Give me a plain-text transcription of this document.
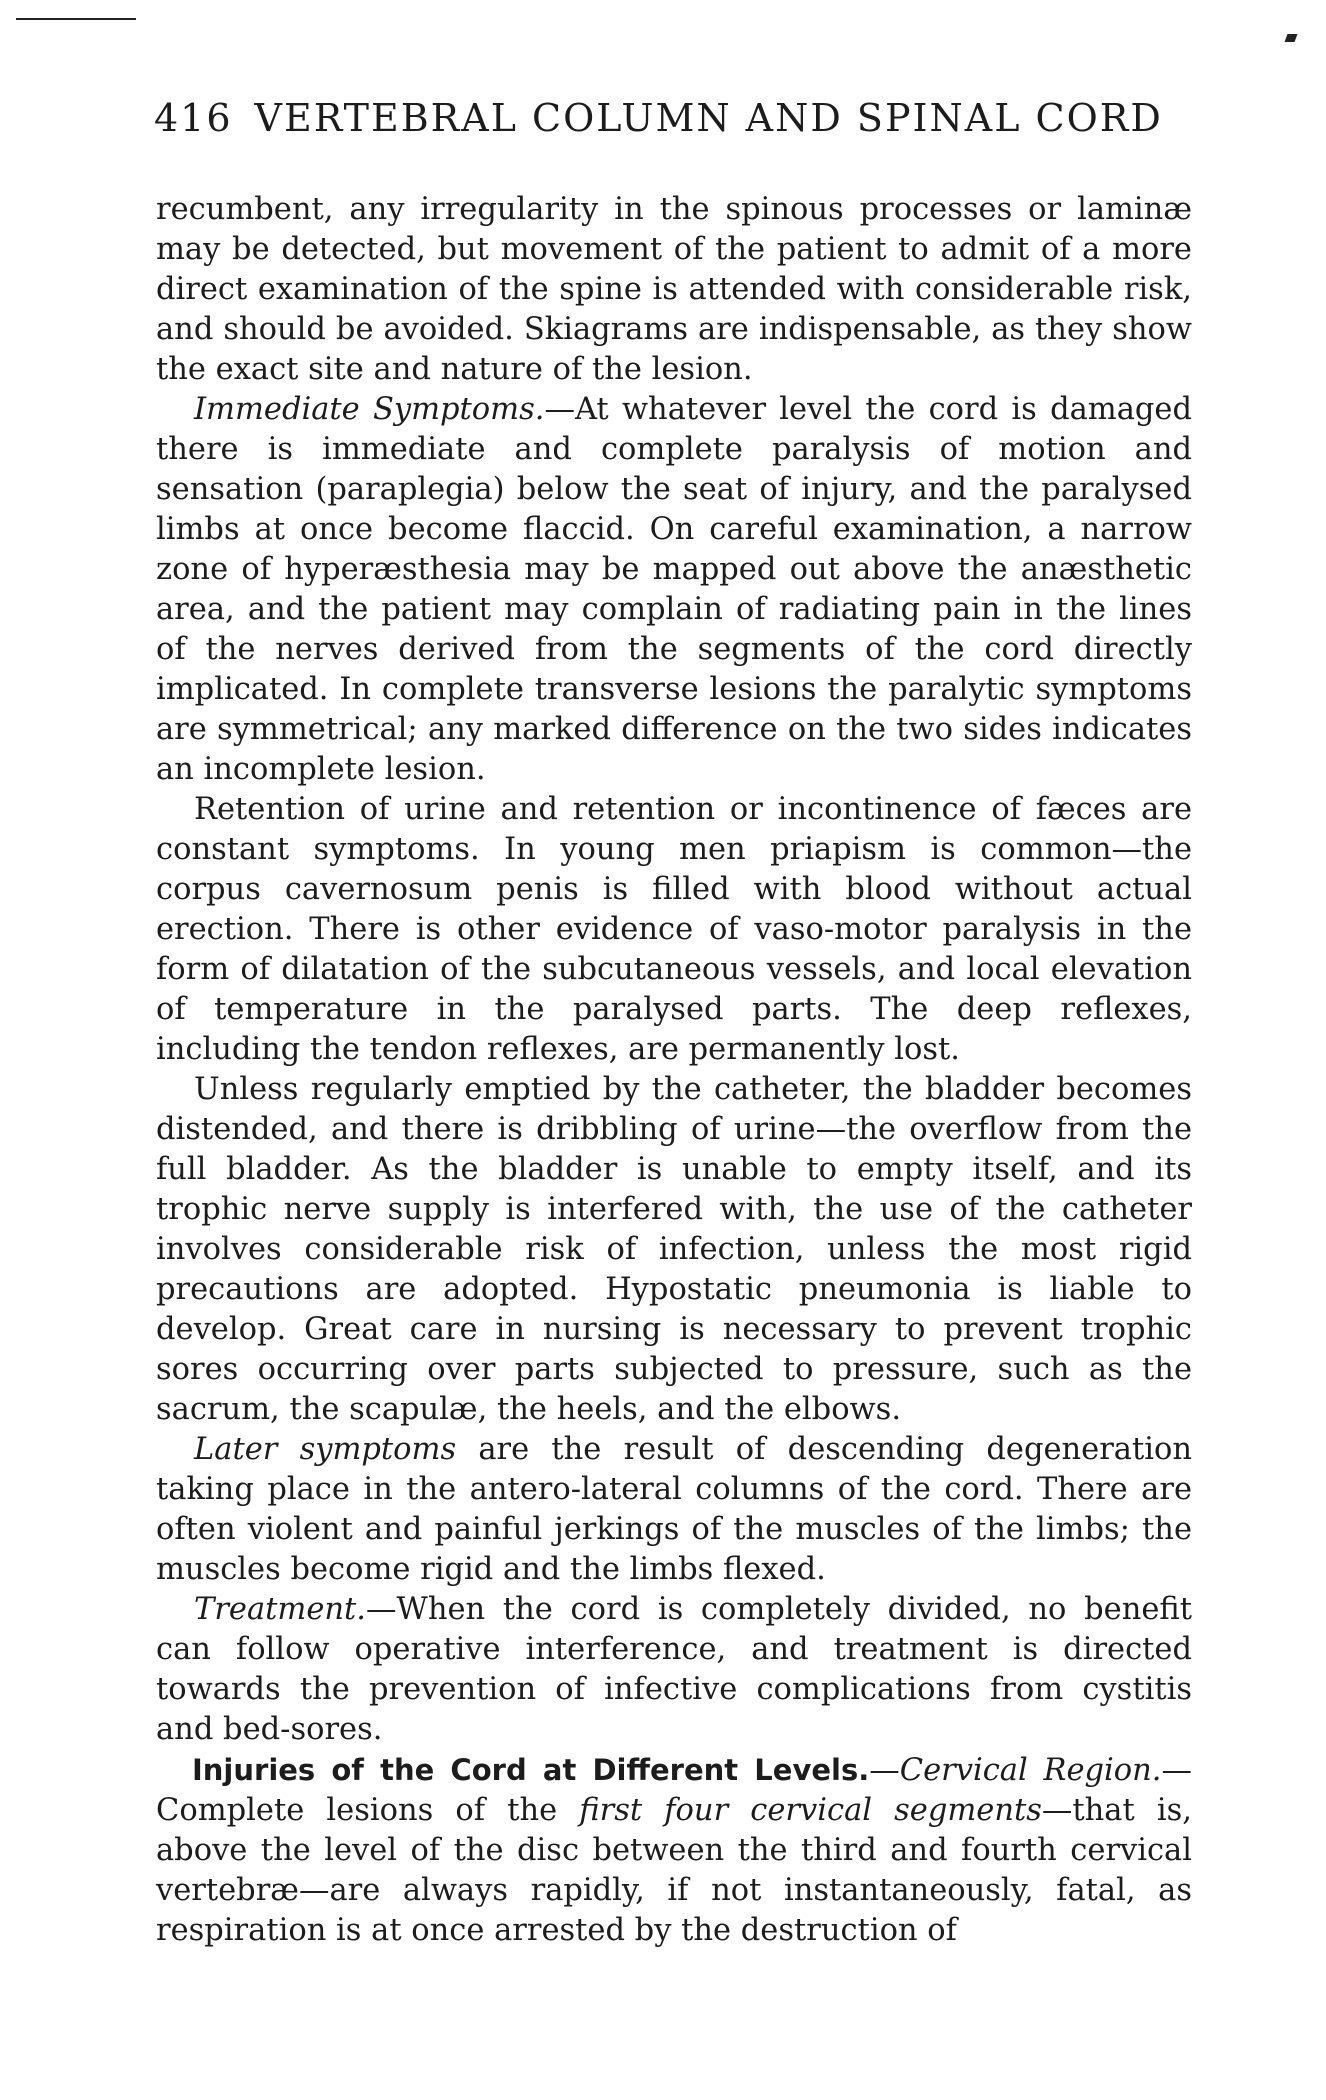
416 VERTEBRAL COLUMN AND SPINAL CORD

recumbent, any irregularity in the spinous processes or laminæ may be detected, but movement of the patient to admit of a more direct examination of the spine is attended with considerable risk, and should be avoided. Skiagrams are indispensable, as they show the exact site and nature of the lesion.

Immediate Symptoms.—At whatever level the cord is damaged there is immediate and complete paralysis of motion and sensation (paraplegia) below the seat of injury, and the paralysed limbs at once become flaccid. On careful examination, a narrow zone of hyperæsthesia may be mapped out above the anæsthetic area, and the patient may complain of radiating pain in the lines of the nerves derived from the segments of the cord directly implicated. In complete transverse lesions the paralytic symptoms are symmetrical; any marked difference on the two sides indicates an incomplete lesion.

Retention of urine and retention or incontinence of fæces are constant symptoms. In young men priapism is common—the corpus cavernosum penis is filled with blood without actual erection. There is other evidence of vaso-motor paralysis in the form of dilatation of the subcutaneous vessels, and local elevation of temperature in the paralysed parts. The deep reflexes, including the tendon reflexes, are permanently lost.

Unless regularly emptied by the catheter, the bladder becomes distended, and there is dribbling of urine—the overflow from the full bladder. As the bladder is unable to empty itself, and its trophic nerve supply is interfered with, the use of the catheter involves considerable risk of infection, unless the most rigid precautions are adopted. Hypostatic pneumonia is liable to develop. Great care in nursing is necessary to prevent trophic sores occurring over parts subjected to pressure, such as the sacrum, the scapulæ, the heels, and the elbows.

Later symptoms are the result of descending degeneration taking place in the antero-lateral columns of the cord. There are often violent and painful jerkings of the muscles of the limbs; the muscles become rigid and the limbs flexed.

Treatment.—When the cord is completely divided, no benefit can follow operative interference, and treatment is directed towards the prevention of infective complications from cystitis and bed-sores.

Injuries of the Cord at Different Levels.—Cervical Region.—Complete lesions of the first four cervical segments—that is, above the level of the disc between the third and fourth cervical vertebræ—are always rapidly, if not instantaneously, fatal, as respiration is at once arrested by the destruction of
